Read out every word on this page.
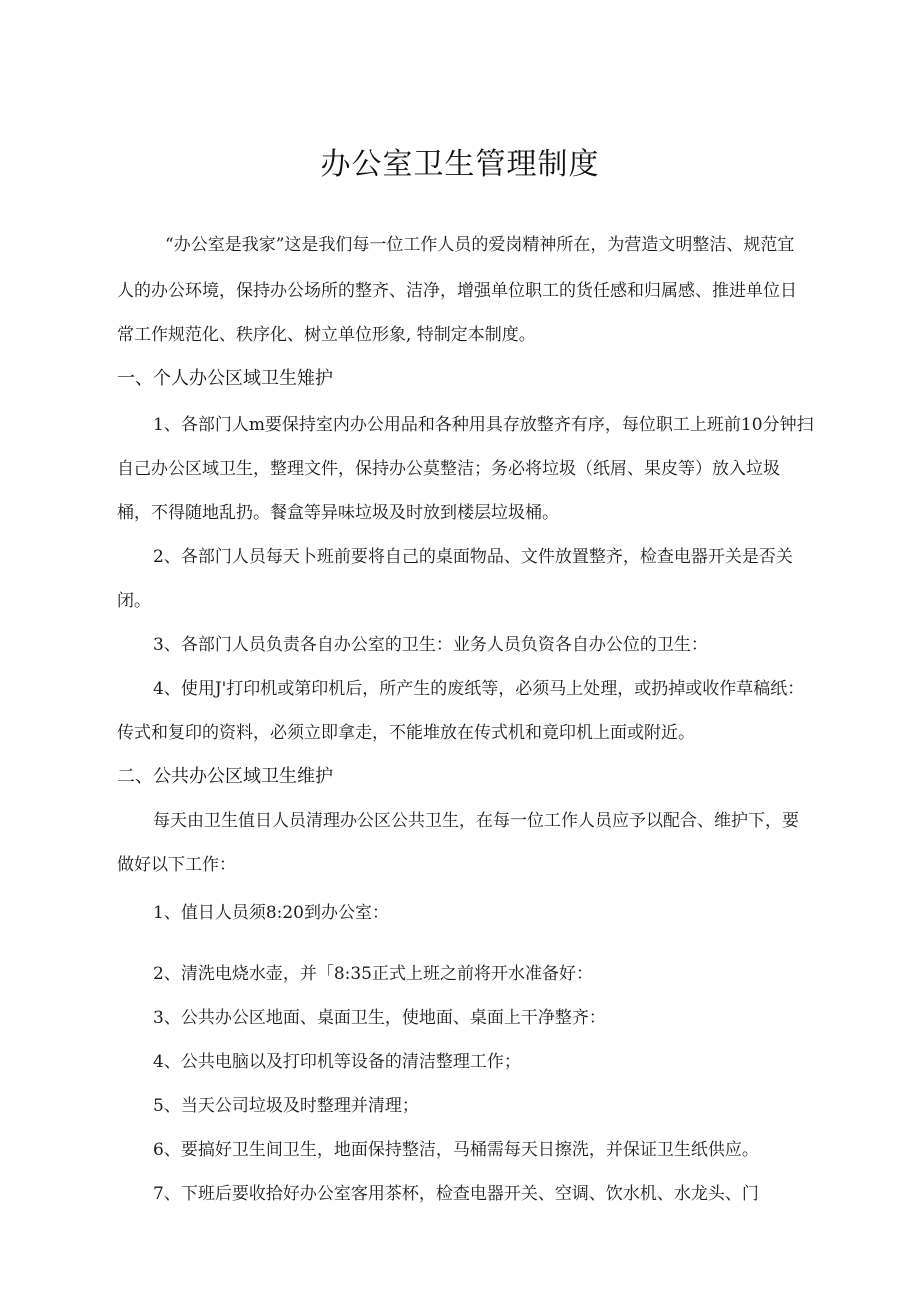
办公室卫生管理制度
“办公室是我家”这是我们每一位工作人员的爱岗精神所在，为营造文明整洁、规范宜
人的办公环境，保持办公场所的整齐、洁净，增强单位职工的货任感和归属感、推进单位日
常工作规范化、秩序化、树立单位形象, 特制定本制度。
一、个人办公区域卫生雉护
1、各部门人m要保持室内办公用品和各种用具存放整齐有序，每位职工上班前10分钟扫
自己办公区域卫生，整理文件，保持办公莫整洁；务必将垃圾（纸屑、果皮等）放入垃圾
桶，不得随地乱扔。餐盒等异味垃圾及时放到楼层垃圾桶。
2、各部门人员每天卜班前要将自己的桌面物品、文件放置整齐，检查电器开关是否关
闭。
3、各部门人员负责各自办公室的卫生：业务人员负资各自办公位的卫生：
4、使用J'打印机或第印机后，所产生的废纸等，必须马上处理，或扔掉或收作草稿纸：
传式和复印的资料，必须立即拿走，不能堆放在传式机和竟印机上面或附近。
二、公共办公区域卫生维护
每天由卫生值日人员清理办公区公共卫生，在每一位工作人员应予以配合、维护下，要
做好以下工作：
1、值日人员须8:20到办公室：
2、清洗电烧水壶，并「8:35正式上班之前将开水准备好：
3、公共办公区地面、桌面卫生，使地面、桌面上干净整齐：
4、公共电脑以及打印机等设备的清洁整理工作；
5、当天公司垃圾及时整理并清理；
6、要搞好卫生间卫生，地面保持整洁，马桶需每天日擦洗，并保证卫生纸供应。
7、下班后要收拾好办公室客用茶杯，检查电器开关、空调、饮水机、水龙头、门
